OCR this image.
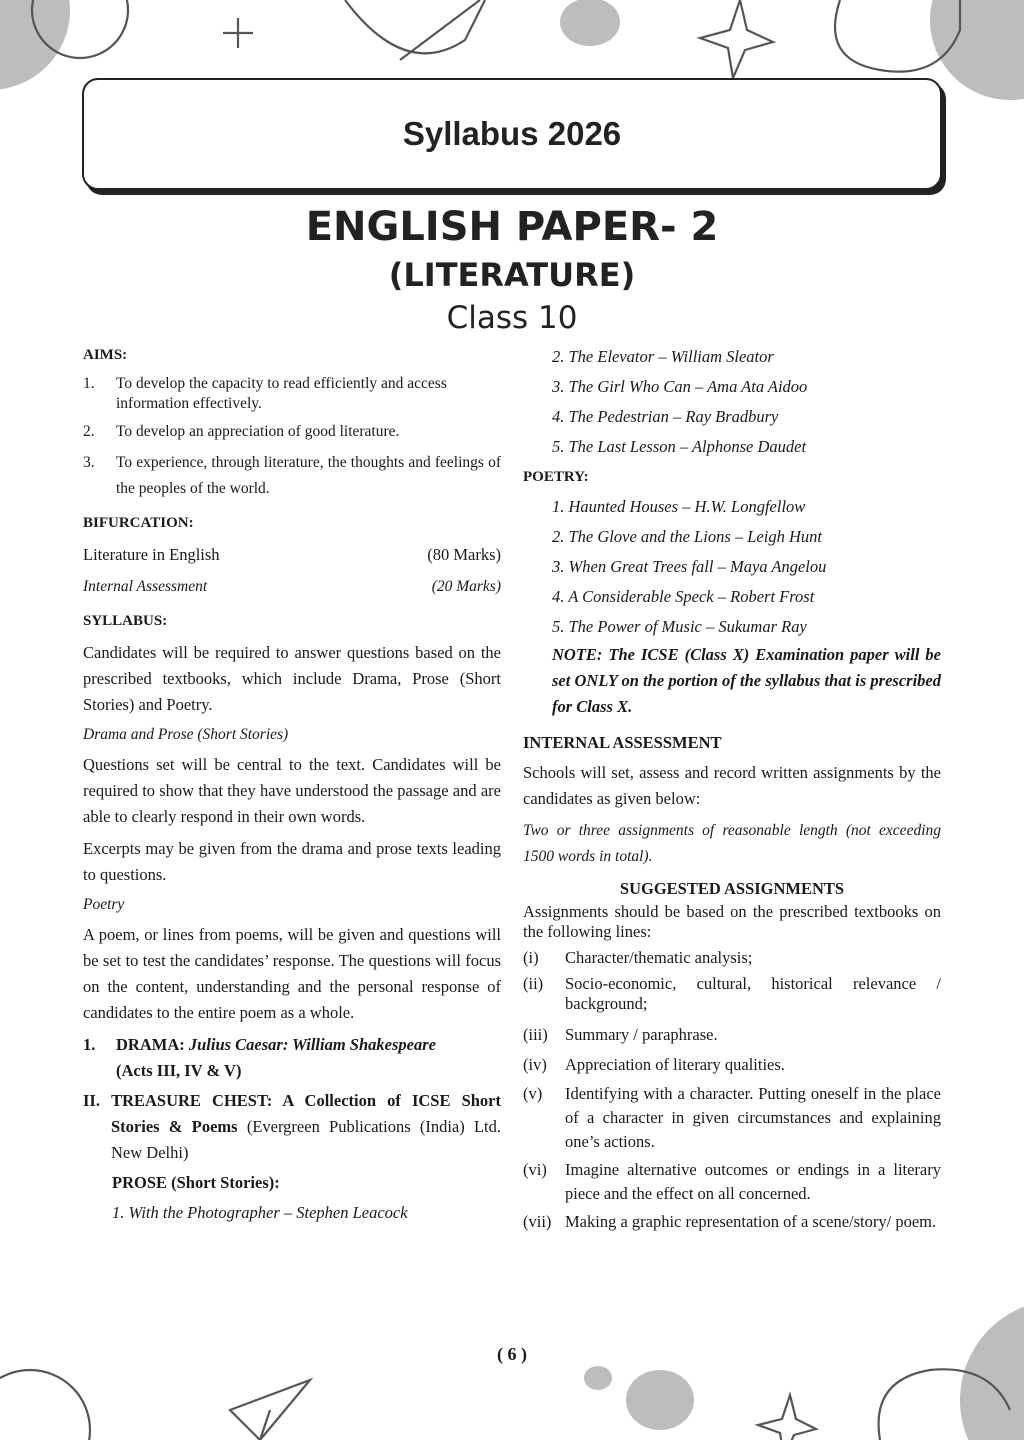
Syllabus 2026
ENGLISH PAPER- 2
(LITERATURE)
Class 10
AIMS:
1.	To develop the capacity to read efficiently and access information effectively.
2.	To develop an appreciation of good literature.
3.	To experience, through literature, the thoughts and feelings of the peoples of the world.
BIFURCATION:
Literature in English	(80 Marks)
Internal Assessment	(20 Marks)
SYLLABUS:
Candidates will be required to answer questions based on the prescribed textbooks, which include Drama, Prose (Short Stories) and Poetry.
Drama and Prose (Short Stories)
Questions set will be central to the text. Candidates will be required to show that they have understood the passage and are able to clearly respond in their own words.
Excerpts may be given from the drama and prose texts leading to questions.
Poetry
A poem, or lines from poems, will be given and questions will be set to test the candidates’ response. The questions will focus on the content, understanding and the personal response of candidates to the entire poem as a whole.
1.	DRAMA: Julius Caesar: William Shakespeare
(Acts III, IV & V)
II. TREASURE CHEST: A Collection of ICSE Short Stories & Poems (Evergreen Publications (India) Ltd. New Delhi)
PROSE (Short Stories):
1. With the Photographer – Stephen Leacock
2. The Elevator – William Sleator
3. The Girl Who Can – Ama Ata Aidoo
4. The Pedestrian – Ray Bradbury
5. The Last Lesson – Alphonse Daudet
POETRY:
1. Haunted Houses – H.W. Longfellow
2. The Glove and the Lions – Leigh Hunt
3. When Great Trees fall – Maya Angelou
4. A Considerable Speck – Robert Frost
5. The Power of Music – Sukumar Ray
NOTE: The ICSE (Class X) Examination paper will be set ONLY on the portion of the syllabus that is prescribed for Class X.
INTERNAL ASSESSMENT
Schools will set, assess and record written assignments by the candidates as given below:
Two or three assignments of reasonable length (not exceeding 1500 words in total).
SUGGESTED ASSIGNMENTS
Assignments should be based on the prescribed textbooks on the following lines:
(i)	Character/thematic analysis;
(ii)	Socio-economic, cultural, historical relevance / background;
(iii)	Summary / paraphrase.
(iv)	Appreciation of literary qualities.
(v)	Identifying with a character. Putting oneself in the place of a character in given circumstances and explaining one’s actions.
(vi)	Imagine alternative outcomes or endings in a literary piece and the effect on all concerned.
(vii) Making a graphic representation of a scene/story/ poem.
( 6 )
